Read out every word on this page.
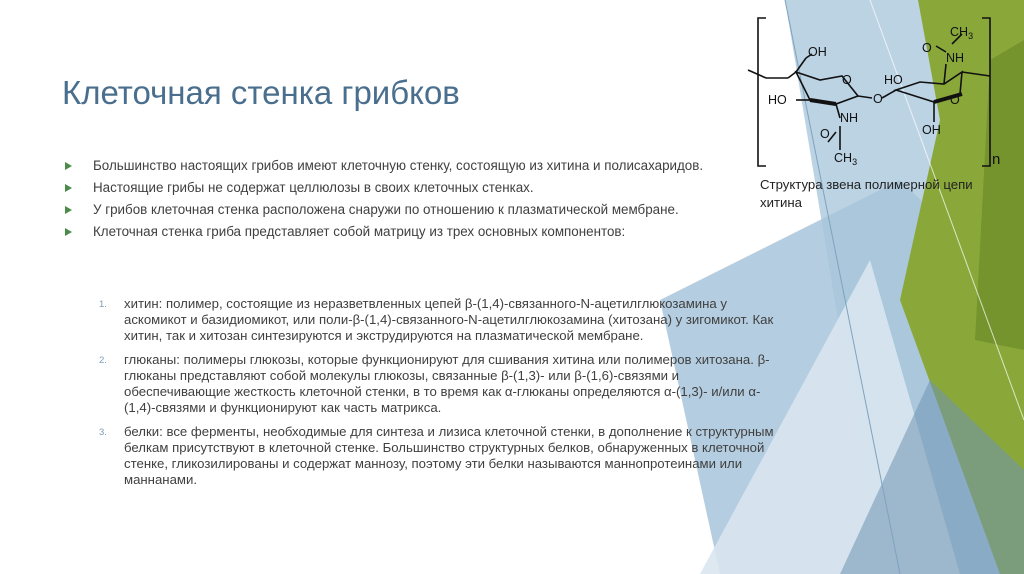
Клеточная стенка грибков
Большинство настоящих грибов имеют клеточную стенку, состоящую из хитина и полисахаридов.
Настоящие грибы не содержат целлюлозы в своих клеточных стенках.
У грибов клеточная стенка расположена снаружи по отношению к плазматической мембране.
Клеточная стенка гриба представляет собой матрицу из трех основных компонентов:
1. хитин: полимер, состоящие из неразветвленных цепей β-(1,4)-связанного-N-ацетилглюкозамина у аскомикот и базидиомикот, или поли-β-(1,4)-связанного-N-ацетилглюкозамина (хитозана) у зигомикот. Как хитин, так и хитозан синтезируются и экструдируются на плазматической мембране.
2. глюканы: полимеры глюкозы, которые функционируют для сшивания хитина или полимеров хитозана. β-глюканы представляют собой молекулы глюкозы, связанные β-(1,3)- или β-(1,6)-связями и обеспечивающие жесткость клеточной стенки, в то время как α-глюканы определяются α-(1,3)- и/или α-(1,4)-связями и функционируют как часть матрикса.
3. белки: все ферменты, необходимые для синтеза и лизиса клеточной стенки, в дополнение к структурным белкам присутствуют в клеточной стенке. Большинство структурных белков, обнаруженных в клеточной стенке, гликозилированы и содержат маннозу, поэтому эти белки называются маннопротеинами или маннанами.
OH
HO
O
NH
O
$CH_3$
O
HO
O
NH
O
$CH_3$
OH
n

Структура звена полимерной цепи хитина
